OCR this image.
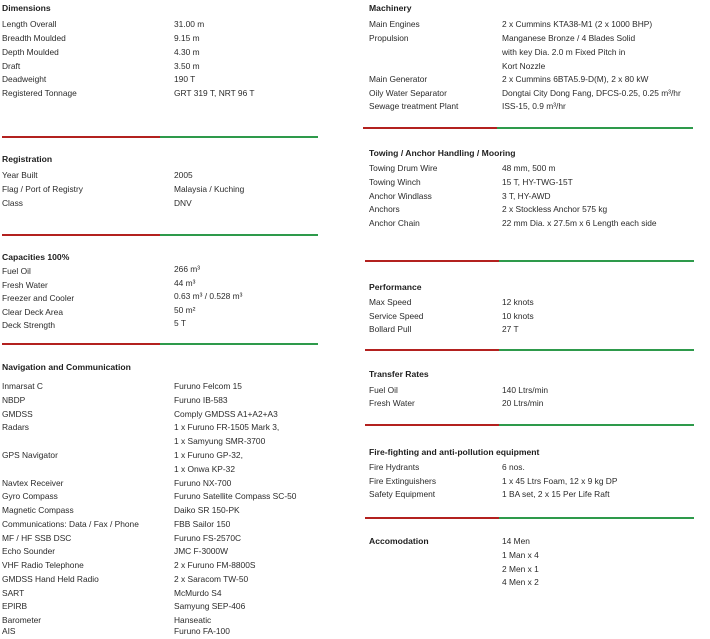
Dimensions
Length Overall	31.00 m
Breadth Moulded	9.15 m
Depth Moulded	4.30 m
Draft	3.50 m
Deadweight	190 T
Registered Tonnage	GRT 319 T, NRT 96 T
Registration
Year Built	2005
Flag / Port of Registry	Malaysia / Kuching
Class	DNV
Capacities 100%
Fuel Oil	266 m³
Fresh Water	44 m³
Freezer and Cooler	0.63 m³ / 0.528 m³
Clear Deck Area	50 m²
Deck Strength	5 T
Navigation and Communication
Inmarsat C	Furuno Felcom 15
NBDP	Furuno IB-583
GMDSS	Comply GMDSS A1+A2+A3
Radars	1 x Furuno FR-1505 Mark 3,
1 x Samyung SMR-3700
GPS Navigator	1 x Furuno GP-32,
1 x Onwa KP-32
Navtex Receiver	Furuno NX-700
Gyro Compass	Furuno Satellite Compass SC-50
Magnetic Compass	Daiko SR 150-PK
Communications: Data / Fax / Phone	FBB Sailor 150
MF / HF SSB DSC	Furuno FS-2570C
Echo Sounder	JMC F-3000W
VHF Radio Telephone	2 x Furuno FM-8800S
GMDSS Hand Held Radio	2 x Saracom TW-50
SART	McMurdo S4
EPIRB	Samyung SEP-406
Barometer	Hanseatic
AIS	Furuno FA-100
Machinery
Main Engines	2 x Cummins KTA38-M1 (2 x 1000 BHP)
Propulsion	Manganese Bronze / 4 Blades Solid
with key Dia. 2.0 m Fixed Pitch in
Kort Nozzle
Main Generator	2 x Cummins 6BTA5.9-D(M), 2 x 80 kW
Oily Water Separator	Dongtai City Dong Fang, DFCS-0.25, 0.25 m³/hr
Sewage treatment Plant	ISS-15, 0.9 m³/hr
Towing / Anchor Handling / Mooring
Towing Drum Wire	48 mm, 500 m
Towing Winch	15 T, HY-TWG-15T
Anchor Windlass	3 T, HY-AWD
Anchors	2 x Stockless Anchor 575 kg
Anchor Chain	22 mm Dia. x 27.5m x 6 Length each side
Performance
Max Speed	12 knots
Service Speed	10 knots
Bollard Pull	27 T
Transfer Rates
Fuel Oil	140 Ltrs/min
Fresh Water	20 Ltrs/min
Fire-fighting and anti-pollution equipment
Fire Hydrants	6 nos.
Fire Extinguishers	1 x 45 Ltrs Foam, 12 x 9 kg DP
Safety Equipment	1 BA set, 2 x 15 Per Life Raft
Accomodation	14 Men
1 Man x 4
2 Men x 1
4 Men x 2
